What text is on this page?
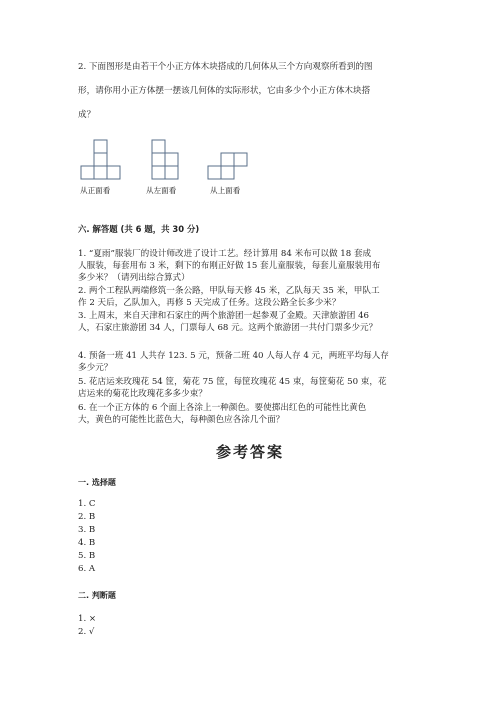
2. 下面图形是由若干个小正方体木块搭成的几何体从三个方向观察所看到的图
形，请你用小正方体摆一摆该几何体的实际形状，它由多少个小正方体木块搭
成？
从正面看	从左面看	从上面看
六. 解答题 (共 6 题，共 30 分)
1. “夏雨”服装厂的设计师改进了设计工艺。经计算用 84 米布可以做 18 套成
人服装，每套用布 3 米，剩下的布刚正好做 15 套儿童服装，每套儿童服装用布
多少米？（请列出综合算式）
2. 两个工程队两端修筑一条公路，甲队每天修 45 米，乙队每天 35 米，甲队工
作 2 天后，乙队加入，再修 5 天完成了任务。这段公路全长多少米？
3. 上周末，来自天津和石家庄的两个旅游团一起参观了金殿。天津旅游团 46
人，石家庄旅游团 34 人，门票每人 68 元。这两个旅游团一共付门票多少元？
4. 预备一班 41 人共存 123. 5 元，预备二班 40 人每人存 4 元，两班平均每人存
多少元？
5. 花店运来玫瑰花 54 筐，菊花 75 筐，每筐玫瑰花 45 束，每筐菊花 50 束，花
店运来的菊花比玫瑰花多多少束？
6. 在一个正方体的 6 个面上各涂上一种颜色。要使掷出红色的可能性比黄色
大，黄色的可能性比蓝色大，每种颜色应各涂几个面？
参考答案
一. 选择题
1. C
2. B
3. B
4. B
5. B
6. A
二. 判断题
1. ×
2. √
